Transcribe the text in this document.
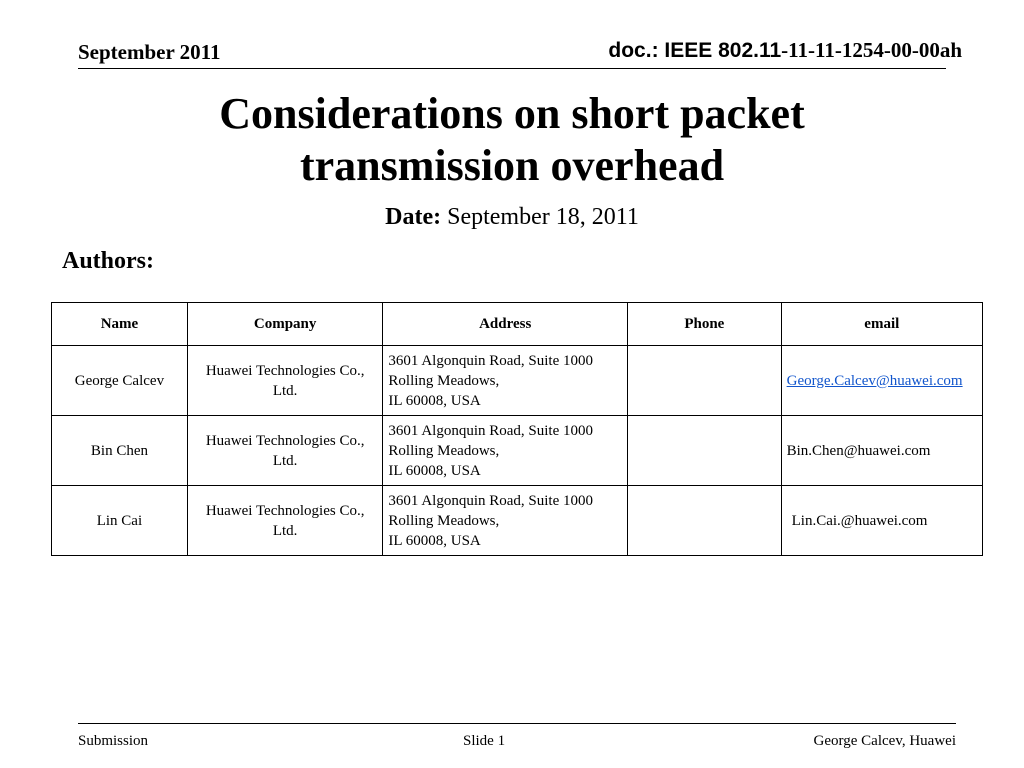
September 2011	doc.: IEEE 802.11-11-11-1254-00-00ah
Considerations on short packet
transmission overhead
Date: September 18, 2011
Authors:
Name	Company	Address	Phone	email
George Calcev	Huawei Technologies Co., Ltd.	3601 Algonquin Road, Suite 1000
Rolling Meadows,
IL 60008, USA		George.Calcev@huawei.com
Bin Chen	Huawei Technologies Co., Ltd.	3601 Algonquin Road, Suite 1000
Rolling Meadows,
IL 60008, USA		Bin.Chen@huawei.com
Lin Cai	Huawei Technologies Co., Ltd.	3601 Algonquin Road, Suite 1000
Rolling Meadows,
IL 60008, USA		Lin.Cai.@huawei.com
Submission	Slide 1	George Calcev, Huawei
